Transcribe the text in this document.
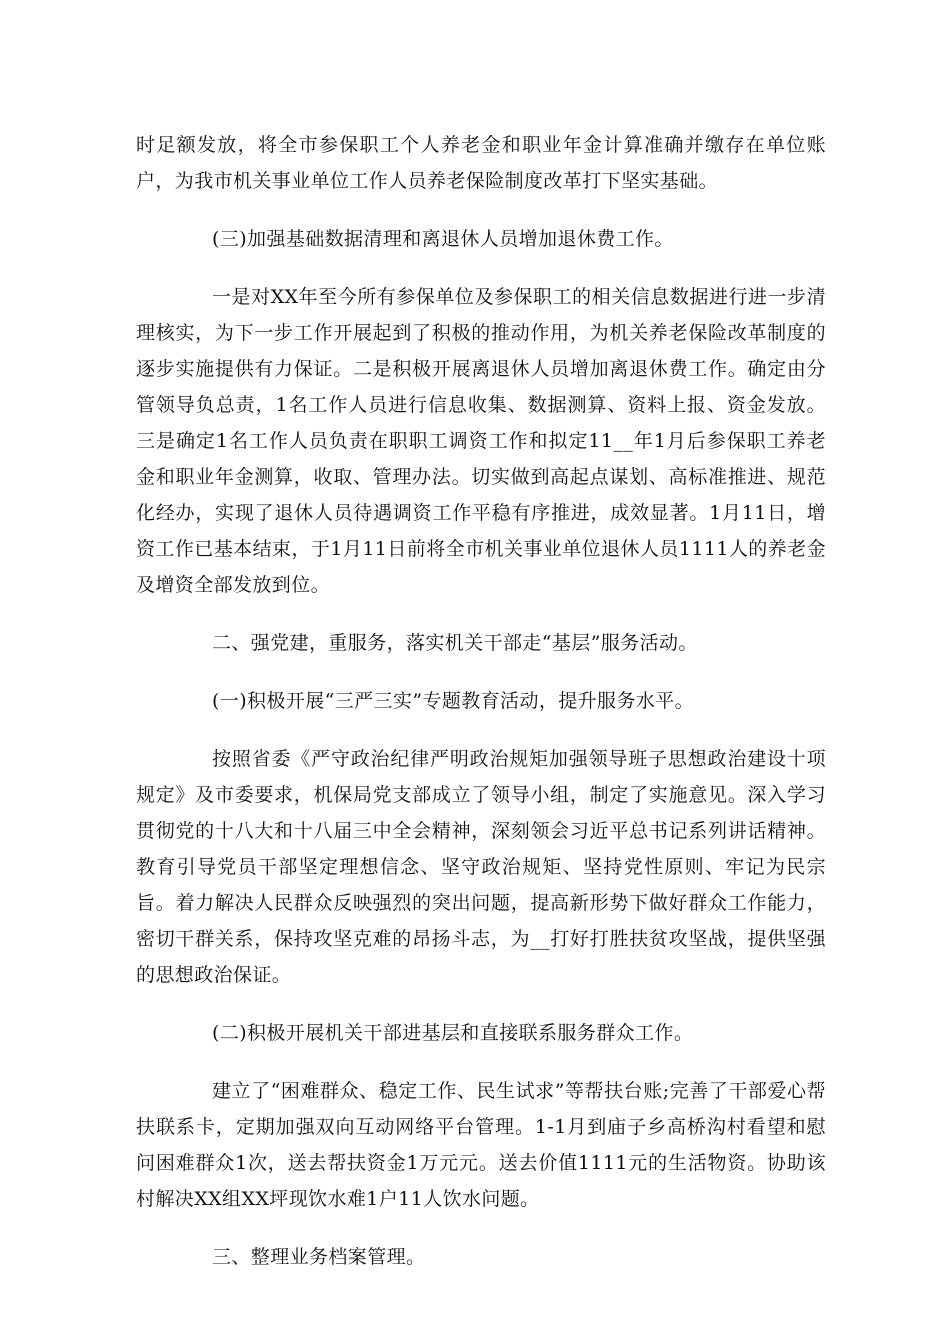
时足额发放，将全市参保职工个人养老金和职业年金计算准确并缴存在单位账户，为我市机关事业单位工作人员养老保险制度改革打下坚实基础。

(三)加强基础数据清理和离退休人员增加退休费工作。

一是对XX年至今所有参保单位及参保职工的相关信息数据进行进一步清理核实，为下一步工作开展起到了积极的推动作用，为机关养老保险改革制度的逐步实施提供有力保证。二是积极开展离退休人员增加离退休费工作。确定由分管领导负总责，1名工作人员进行信息收集、数据测算、资料上报、资金发放。三是确定1名工作人员负责在职职工调资工作和拟定11__年1月后参保职工养老金和职业年金测算，收取、管理办法。切实做到高起点谋划、高标准推进、规范化经办，实现了退休人员待遇调资工作平稳有序推进，成效显著。1月11日，增资工作已基本结束，于1月11日前将全市机关事业单位退休人员1111人的养老金及增资全部发放到位。

二、强党建，重服务，落实机关干部走“基层”服务活动。

(一)积极开展“三严三实”专题教育活动，提升服务水平。

按照省委《严守政治纪律严明政治规矩加强领导班子思想政治建设十项规定》及市委要求，机保局党支部成立了领导小组，制定了实施意见。深入学习贯彻党的十八大和十八届三中全会精神，深刻领会习近平总书记系列讲话精神。教育引导党员干部坚定理想信念、坚守政治规矩、坚持党性原则、牢记为民宗旨。着力解决人民群众反映强烈的突出问题，提高新形势下做好群众工作能力，密切干群关系，保持攻坚克难的昂扬斗志，为__打好打胜扶贫攻坚战，提供坚强的思想政治保证。

(二)积极开展机关干部进基层和直接联系服务群众工作。

建立了“困难群众、稳定工作、民生试求”等帮扶台账;完善了干部爱心帮扶联系卡，定期加强双向互动网络平台管理。1-1月到庙子乡高桥沟村看望和慰问困难群众1次，送去帮扶资金1万元元。送去价值1111元的生活物资。协助该村解决XX组XX坪现饮水难1户11人饮水问题。

三、整理业务档案管理。
